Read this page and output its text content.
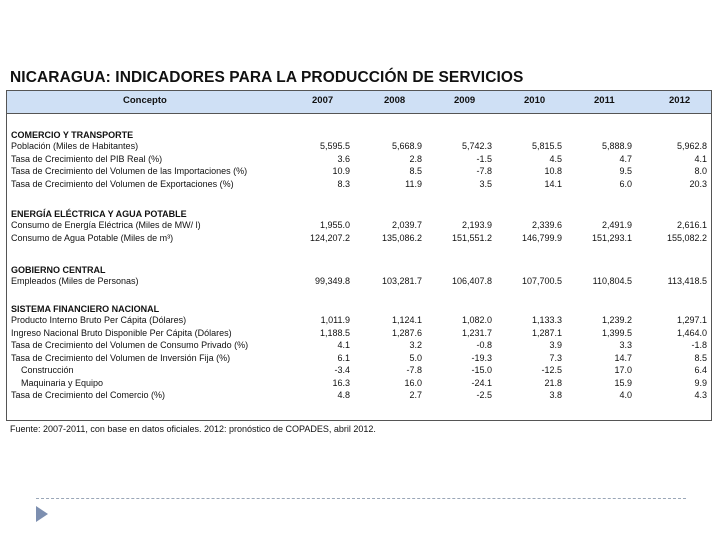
NICARAGUA: INDICADORES PARA LA PRODUCCIÓN DE SERVICIOS
Concepto	2007	2008	2009	2010	2011	2012
COMERCIO Y TRANSPORTE
Población (Miles de Habitantes)	5,595.5	5,668.9	5,742.3	5,815.5	5,888.9	5,962.8
Tasa de Crecimiento del PIB Real (%)	3.6	2.8	-1.5	4.5	4.7	4.1
Tasa de Crecimiento del Volumen de las Importaciones (%)	10.9	8.5	-7.8	10.8	9.5	8.0
Tasa de Crecimiento del Volumen de Exportaciones (%)	8.3	11.9	3.5	14.1	6.0	20.3
ENERGÍA ELÉCTRICA Y AGUA POTABLE
Consumo de Energía Eléctrica (Miles de MW/ l)	1,955.0	2,039.7	2,193.9	2,339.6	2,491.9	2,616.1
Consumo de Agua Potable (Miles de m³)	124,207.2	135,086.2	151,551.2	146,799.9	151,293.1	155,082.2
GOBIERNO CENTRAL
Empleados (Miles de Personas)	99,349.8	103,281.7	106,407.8	107,700.5	110,804.5	113,418.5
SISTEMA FINANCIERO NACIONAL
Producto Interno Bruto Per Cápita (Dólares)	1,011.9	1,124.1	1,082.0	1,133.3	1,239.2	1,297.1
Ingreso Nacional Bruto Disponible Per Cápita (Dólares)	1,188.5	1,287.6	1,231.7	1,287.1	1,399.5	1,464.0
Tasa de Crecimiento del Volumen de Consumo Privado (%)	4.1	3.2	-0.8	3.9	3.3	-1.8
Tasa de Crecimiento del Volumen de Inversión Fija (%)	6.1	5.0	-19.3	7.3	14.7	8.5
Construcción	-3.4	-7.8	-15.0	-12.5	17.0	6.4
Maquinaria y Equipo	16.3	16.0	-24.1	21.8	15.9	9.9
Tasa de Crecimiento del Comercio (%)	4.8	2.7	-2.5	3.8	4.0	4.3
Fuente: 2007-2011, con base en datos oficiales. 2012: pronóstico de COPADES, abril 2012.
